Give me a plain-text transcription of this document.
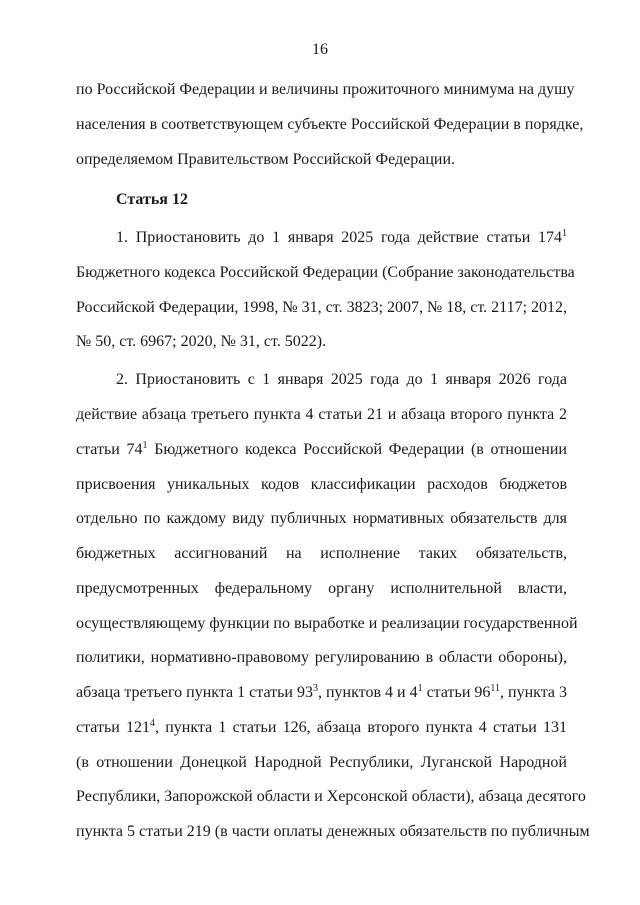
16
по Российской Федерации и величины прожиточного минимума на душу
населения в соответствующем субъекте Российской Федерации в порядке,
определяемом Правительством Российской Федерации.
Статья 12
1. Приостановить до 1 января 2025 года действие статьи $174^1$
Бюджетного кодекса Российской Федерации (Собрание законодательства
Российской Федерации, 1998, № 31, ст. 3823; 2007, № 18, ст. 2117; 2012,
№ 50, ст. 6967; 2020, № 31, ст. 5022).
2. Приостановить с 1 января 2025 года до 1 января 2026 года
действие абзаца третьего пункта 4 статьи 21 и абзаца второго пункта 2
статьи $74^1$ Бюджетного кодекса Российской Федерации (в отношении
присвоения уникальных кодов классификации расходов бюджетов
отдельно по каждому виду публичных нормативных обязательств для
бюджетных ассигнований на исполнение таких обязательств,
предусмотренных федеральному органу исполнительной власти,
осуществляющему функции по выработке и реализации государственной
политики, нормативно-правовому регулированию в области обороны),
абзаца третьего пункта 1 статьи $93^3$, пунктов 4 и $4^1$ статьи $96^{11}$, пункта 3
статьи $121^4$, пункта 1 статьи 126, абзаца второго пункта 4 статьи 131
(в отношении Донецкой Народной Республики, Луганской Народной
Республики, Запорожской области и Херсонской области), абзаца десятого
пункта 5 статьи 219 (в части оплаты денежных обязательств по публичным
